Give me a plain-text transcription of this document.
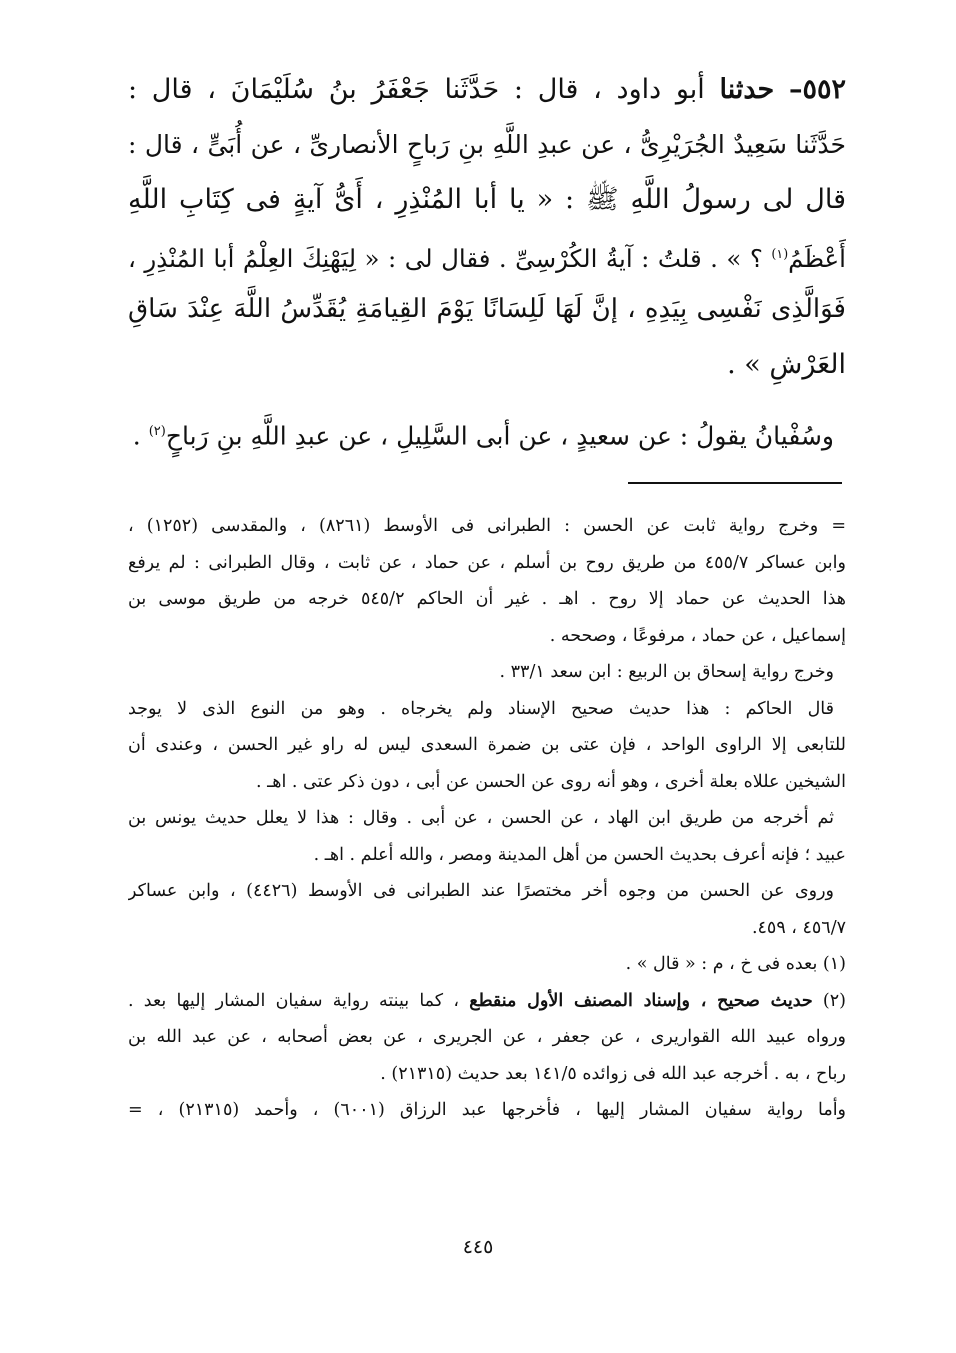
٥٥٢– حدثنا أبو داود ، قال : حَدَّثَنا جَعْفَرُ بنُ سُلَيْمَانَ ، قال :
حَدَّثَنا سَعِيدٌ الجُرَيْرِىُّ ، عن عبدِ اللَّهِ بنِ رَباحٍ الأنصارىِّ ، عن أُبَىٍّ ، قال :
قال لى رسولُ اللَّهِ ﷺ : « يا أبا المُنْذِرِ ، أَىُّ آيةٍ فى كِتَابِ اللَّهِ
أَعْظَمُ$^{(١)}$ ؟ » . قلتُ : آيةُ الكُرْسِىِّ . فقال لى : « لِيَهْنِكَ العِلْمُ أبا المُنْذِرِ ،
فَوَالَّذِى نَفْسِى بِيَدِهِ ، إنَّ لَهَا لَلِسَانًا يَوْمَ القِيامَةِ يُقَدِّسُ اللَّهَ عِنْدَ سَاقِ
العَرْشِ » .
وسُفْيانُ يقولُ : عن سعيدٍ ، عن أبى السَّلِيلِ ، عن عبدِ اللَّهِ بنِ رَباحٍ$^{(٢)}$ .
= وخرج رواية ثابت عن الحسن : الطبرانى فى الأوسط (٨٢٦١) ، والمقدسى (١٢٥٢) ،
وابن عساكر ٤٥٥/٧ من طريق روح بن أسلم ، عن حماد ، عن ثابت ، وقال الطبرانى : لم يرفع
هذا الحديث عن حماد إلا روح . اهـ . غير أن الحاكم ٥٤٥/٢ خرجه من طريق موسى بن
إسماعيل ، عن حماد ، مرفوعًا ، وصححه .
وخرج رواية إسحاق بن الربيع : ابن سعد ٣٣/١ .
قال الحاكم : هذا حديث صحيح الإسناد ولم يخرجاه . وهو من النوع الذى لا يوجد
للتابعى إلا الراوى الواحد ، فإن عتى بن ضمرة السعدى ليس له راو غير الحسن ، وعندى أن
الشيخين عللاه بعلة أخرى ، وهو أنه روى عن الحسن عن أبى ، دون ذكر عتى . اهـ .
ثم أخرجه من طريق ابن الهاد ، عن الحسن ، عن أبى . وقال : هذا لا يعلل حديث يونس بن
عبيد ؛ فإنه أعرف بحديث الحسن من أهل المدينة ومصر ، والله أعلم . اهـ .
وروى عن الحسن من وجوه أخر مختصرًا عند الطبرانى فى الأوسط (٤٤٢٦) ، وابن عساكر
٤٥٦/٧ ، ٤٥٩.
(١) بعده فى خ ، م : « قال » .
(٢) حديث صحيح ، وإسناد المصنف الأول منقطع ، كما بينته رواية سفيان المشار إليها بعد .
ورواه عبيد الله القواريرى ، عن جعفر ، عن الجريرى ، عن بعض أصحابه ، عن عبد الله بن
رباح ، به . أخرجه عبد الله فى زوائده ١٤١/٥ بعد حديث (٢١٣١٥) .
وأما رواية سفيان المشار إليها ، فأخرجها عبد الرزاق (٦٠٠١) ، وأحمد (٢١٣١٥) ، =
٤٤٥
